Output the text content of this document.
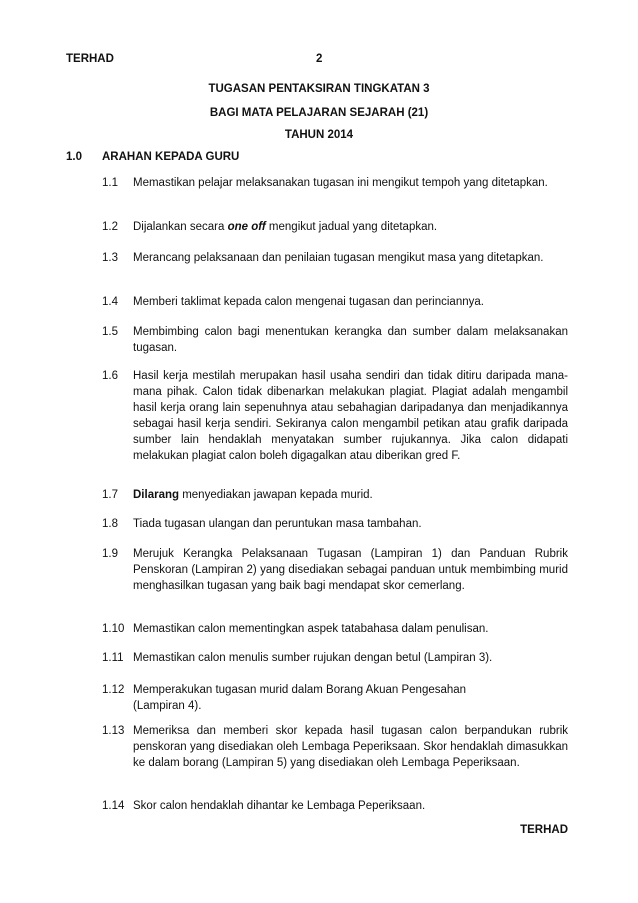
TERHAD	2
TUGASAN PENTAKSIRAN TINGKATAN 3
BAGI MATA PELAJARAN SEJARAH (21)
TAHUN 2014
1.0 ARAHAN KEPADA GURU
1.1 Memastikan pelajar melaksanakan tugasan ini mengikut tempoh yang ditetapkan.
1.2 Dijalankan secara one off mengikut jadual yang ditetapkan.
1.3 Merancang pelaksanaan dan penilaian tugasan mengikut masa yang ditetapkan.
1.4 Memberi taklimat kepada calon mengenai tugasan dan perinciannya.
1.5 Membimbing calon bagi menentukan kerangka dan sumber dalam melaksanakan tugasan.
1.6 Hasil kerja mestilah merupakan hasil usaha sendiri dan tidak ditiru daripada mana-mana pihak. Calon tidak dibenarkan melakukan plagiat. Plagiat adalah mengambil hasil kerja orang lain sepenuhnya atau sebahagian daripadanya dan menjadikannya sebagai hasil kerja sendiri. Sekiranya calon mengambil petikan atau grafik daripada sumber lain hendaklah menyatakan sumber rujukannya. Jika calon didapati melakukan plagiat calon boleh digagalkan atau diberikan gred F.
1.7 Dilarang menyediakan jawapan kepada murid.
1.8 Tiada tugasan ulangan dan peruntukan masa tambahan.
1.9 Merujuk Kerangka Pelaksanaan Tugasan (Lampiran 1) dan Panduan Rubrik Penskoran (Lampiran 2) yang disediakan sebagai panduan untuk membimbing murid menghasilkan tugasan yang baik bagi mendapat skor cemerlang.
1.10 Memastikan calon mementingkan aspek tatabahasa dalam penulisan.
1.11 Memastikan calon menulis sumber rujukan dengan betul (Lampiran 3).
1.12 Memperakukan tugasan murid dalam Borang Akuan Pengesahan
(Lampiran 4).
1.13 Memeriksa dan memberi skor kepada hasil tugasan calon berpandukan rubrik penskoran yang disediakan oleh Lembaga Peperiksaan. Skor hendaklah dimasukkan ke dalam borang (Lampiran 5) yang disediakan oleh Lembaga Peperiksaan.
1.14 Skor calon hendaklah dihantar ke Lembaga Peperiksaan.
TERHAD
